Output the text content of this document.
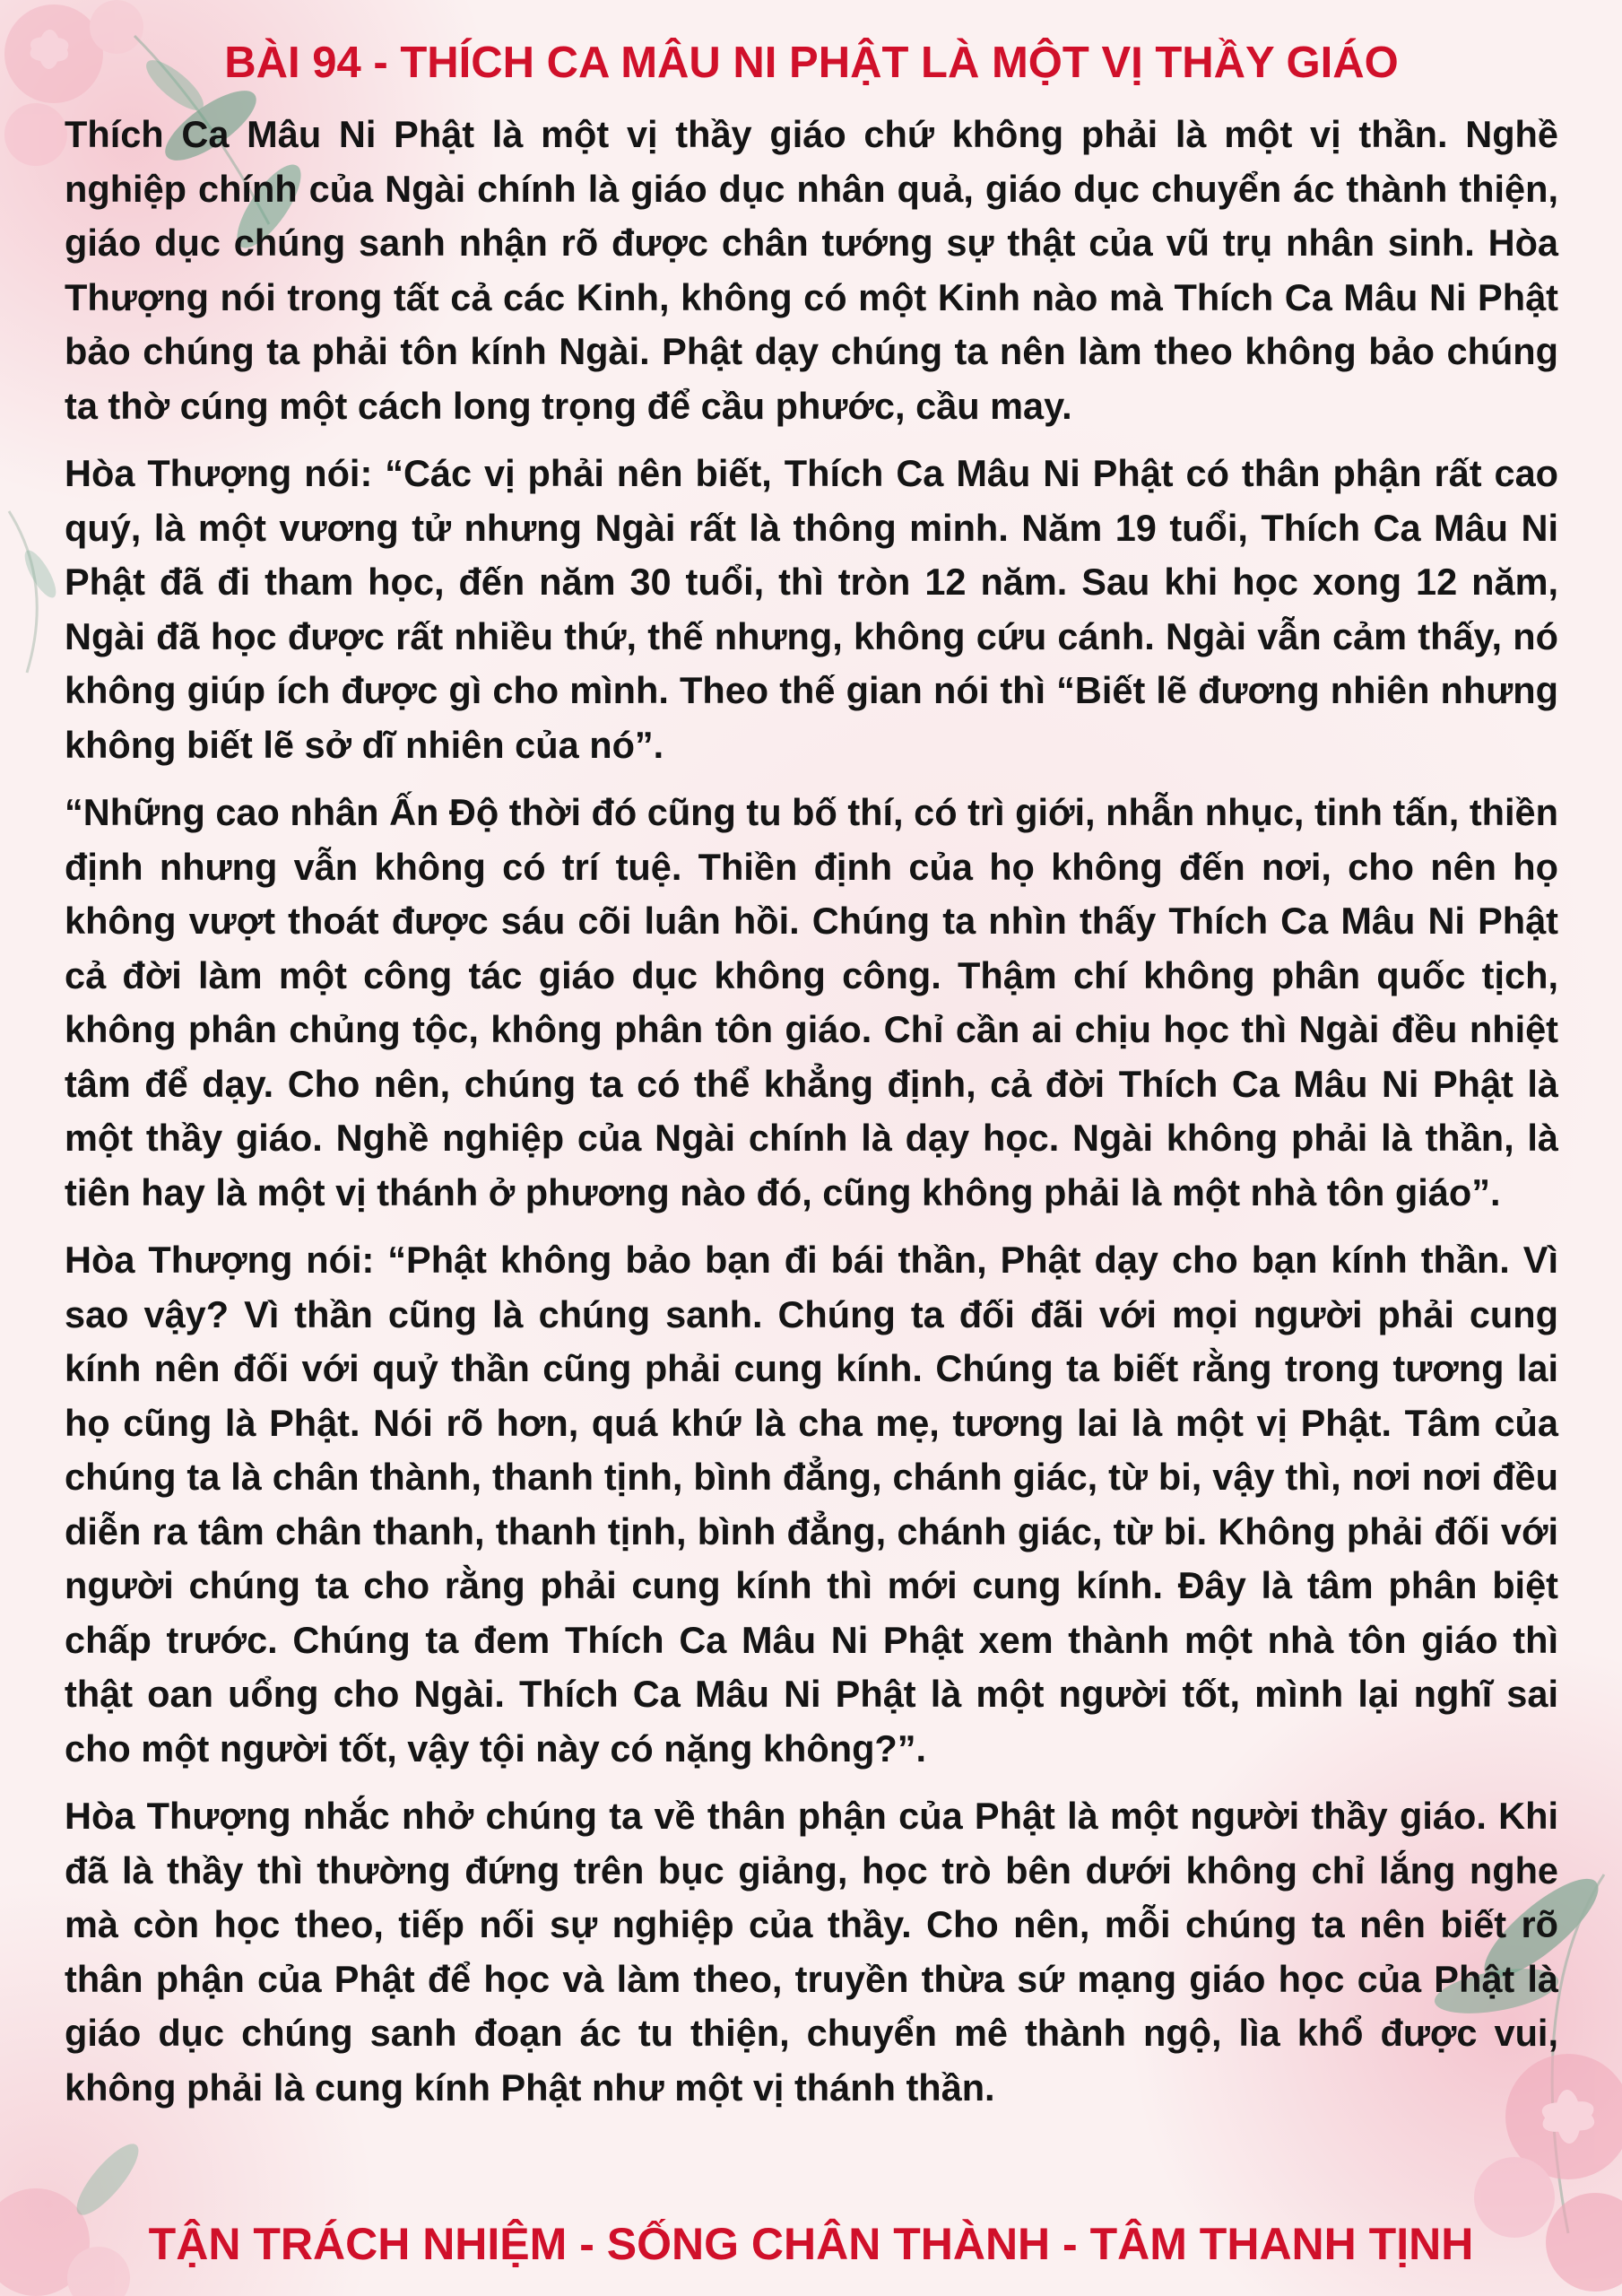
BÀI 94 - THÍCH CA MÂU NI PHẬT LÀ MỘT VỊ THẦY GIÁO

Thích Ca Mâu Ni Phật là một vị thầy giáo chứ không phải là một vị thần. Nghề nghiệp chính của Ngài chính là giáo dục nhân quả, giáo dục chuyển ác thành thiện, giáo dục chúng sanh nhận rõ được chân tướng sự thật của vũ trụ nhân sinh. Hòa Thượng nói trong tất cả các Kinh, không có một Kinh nào mà Thích Ca Mâu Ni Phật bảo chúng ta phải tôn kính Ngài. Phật dạy chúng ta nên làm theo không bảo chúng ta thờ cúng một cách long trọng để cầu phước, cầu may.

Hòa Thượng nói: “Các vị phải nên biết, Thích Ca Mâu Ni Phật có thân phận rất cao quý, là một vương tử nhưng Ngài rất là thông minh. Năm 19 tuổi, Thích Ca Mâu Ni Phật đã đi tham học, đến năm 30 tuổi, thì tròn 12 năm. Sau khi học xong 12 năm, Ngài đã học được rất nhiều thứ, thế nhưng, không cứu cánh. Ngài vẫn cảm thấy, nó không giúp ích được gì cho mình. Theo thế gian nói thì “Biết lẽ đương nhiên nhưng không biết lẽ sở dĩ nhiên của nó”.

“Những cao nhân Ấn Độ thời đó cũng tu bố thí, có trì giới, nhẫn nhục, tinh tấn, thiền định nhưng vẫn không có trí tuệ. Thiền định của họ không đến nơi, cho nên họ không vượt thoát được sáu cõi luân hồi. Chúng ta nhìn thấy Thích Ca Mâu Ni Phật cả đời làm một công tác giáo dục không công. Thậm chí không phân quốc tịch, không phân chủng tộc, không phân tôn giáo. Chỉ cần ai chịu học thì Ngài đều nhiệt tâm để dạy. Cho nên, chúng ta có thể khẳng định, cả đời Thích Ca Mâu Ni Phật là một thầy giáo. Nghề nghiệp của Ngài chính là dạy học. Ngài không phải là thần, là tiên hay là một vị thánh ở phương nào đó, cũng không phải là một nhà tôn giáo”.

Hòa Thượng nói: “Phật không bảo bạn đi bái thần, Phật dạy cho bạn kính thần. Vì sao vậy? Vì thần cũng là chúng sanh. Chúng ta đối đãi với mọi người phải cung kính nên đối với quỷ thần cũng phải cung kính. Chúng ta biết rằng trong tương lai họ cũng là Phật. Nói rõ hơn, quá khứ là cha mẹ, tương lai là một vị Phật. Tâm của chúng ta là chân thành, thanh tịnh, bình đẳng, chánh giác, từ bi, vậy thì, nơi nơi đều diễn ra tâm chân thanh, thanh tịnh, bình đẳng, chánh giác, từ bi. Không phải đối với người chúng ta cho rằng phải cung kính thì mới cung kính. Đây là tâm phân biệt chấp trước. Chúng ta đem Thích Ca Mâu Ni Phật xem thành một nhà tôn giáo thì thật oan uổng cho Ngài. Thích Ca Mâu Ni Phật là một người tốt, mình lại nghĩ sai cho một người tốt, vậy tội này có nặng không?”.

Hòa Thượng nhắc nhở chúng ta về thân phận của Phật là một người thầy giáo. Khi đã là thầy thì thường đứng trên bục giảng, học trò bên dưới không chỉ lắng nghe mà còn học theo, tiếp nối sự nghiệp của thầy. Cho nên, mỗi chúng ta nên biết rõ thân phận của Phật để học và làm theo, truyền thừa sứ mạng giáo học của Phật là giáo dục chúng sanh đoạn ác tu thiện, chuyển mê thành ngộ, lìa khổ được vui, không phải là cung kính Phật như một vị thánh thần.

TẬN TRÁCH NHIỆM - SỐNG CHÂN THÀNH - TÂM THANH TỊNH
